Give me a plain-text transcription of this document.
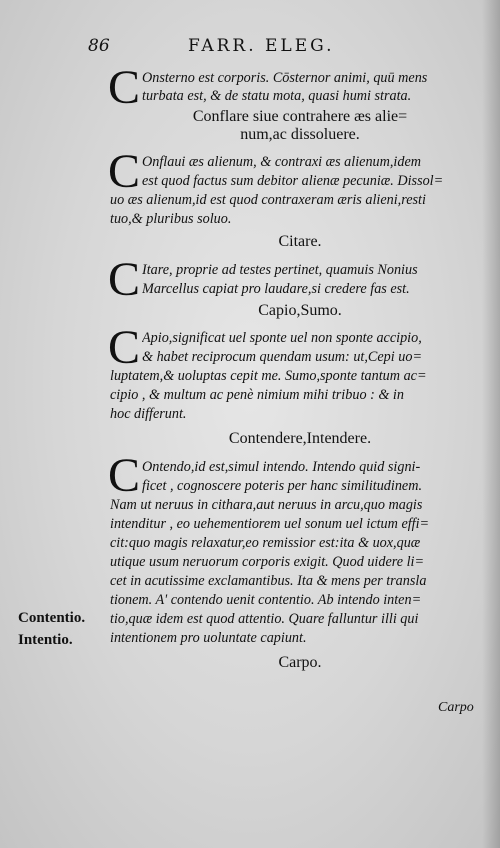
86	FARR. ELEG.
C Onsterno est corporis. Cōsternor animi, quū mens
turbata est, & de statu mota, quasi humi strata.
Conflare siue contrahere æs alie=
num,ac dissoluere.
C Onflaui æs alienum, & contraxi æs alienum,idem
est quod factus sum debitor alienæ pecuniæ. Dissol=
uo æs alienum,id est quod contraxeram æris alieni,resti
tuo,& pluribus soluo.
Citare.
C Itare, proprie ad testes pertinet, quamuis Nonius
Marcellus capiat pro laudare,si credere fas est.
Capio,Sumo.
C Apio,significat uel sponte uel non sponte accipio,
& habet reciprocum quendam usum: ut,Cepi uo=
luptatem,& uoluptas cepit me. Sumo,sponte tantum ac=
cipio , & multum ac penè nimium mihi tribuo : & in
hoc differunt.
Contendere,Intendere.
C Ontendo,id est,simul intendo. Intendo quid signi-
ficet , cognoscere poteris per hanc similitudinem.
Nam ut neruus in cithara,aut neruus in arcu,quo magis
intenditur , eo uehementiorem uel sonum uel ictum effi=
cit:quo magis relaxatur,eo remissior est:ita & uox,quæ
utique usum neruorum corporis exigit. Quod uidere li=
cet in acutissime exclamantibus. Ita & mens per transla
tionem. A' contendo uenit contentio. Ab intendo inten=
tio,quæ idem est quod attentio. Quare falluntur illi qui
intentionem pro uoluntate capiunt.
Contentio.
Intentio.
Carpo.
Carpo
